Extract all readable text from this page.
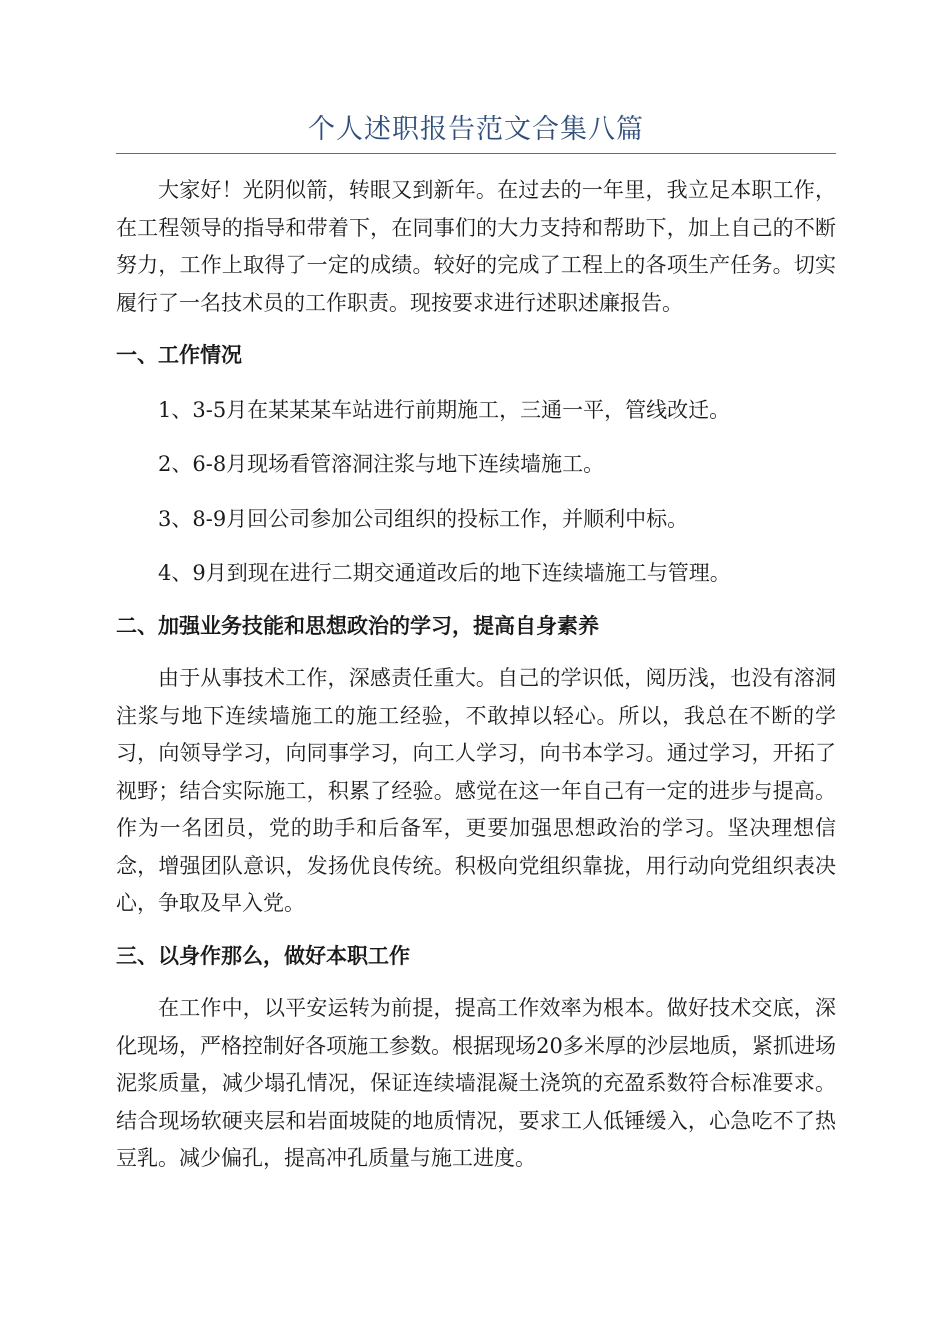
个人述职报告范文合集八篇

大家好！光阴似箭，转眼又到新年。在过去的一年里，我立足本职工作，在工程领导的指导和带着下，在同事们的大力支持和帮助下，加上自己的不断努力，工作上取得了一定的成绩。较好的完成了工程上的各项生产任务。切实履行了一名技术员的工作职责。现按要求进行述职述廉报告。

一、工作情况

1、3-5月在某某某车站进行前期施工，三通一平，管线改迁。

2、6-8月现场看管溶洞注浆与地下连续墙施工。

3、8-9月回公司参加公司组织的投标工作，并顺利中标。

4、9月到现在进行二期交通道改后的地下连续墙施工与管理。

二、加强业务技能和思想政治的学习，提高自身素养

由于从事技术工作，深感责任重大。自己的学识低，阅历浅，也没有溶洞注浆与地下连续墙施工的施工经验，不敢掉以轻心。所以，我总在不断的学习，向领导学习，向同事学习，向工人学习，向书本学习。通过学习，开拓了视野；结合实际施工，积累了经验。感觉在这一年自己有一定的进步与提高。作为一名团员，党的助手和后备军，更要加强思想政治的学习。坚决理想信念，增强团队意识，发扬优良传统。积极向党组织靠拢，用行动向党组织表决心，争取及早入党。

三、以身作那么，做好本职工作

在工作中，以平安运转为前提，提高工作效率为根本。做好技术交底，深化现场，严格控制好各项施工参数。根据现场20多米厚的沙层地质，紧抓进场泥浆质量，减少塌孔情况，保证连续墙混凝土浇筑的充盈系数符合标准要求。结合现场软硬夹层和岩面坡陡的地质情况，要求工人低锤缓入，心急吃不了热豆乳。减少偏孔，提高冲孔质量与施工进度。
